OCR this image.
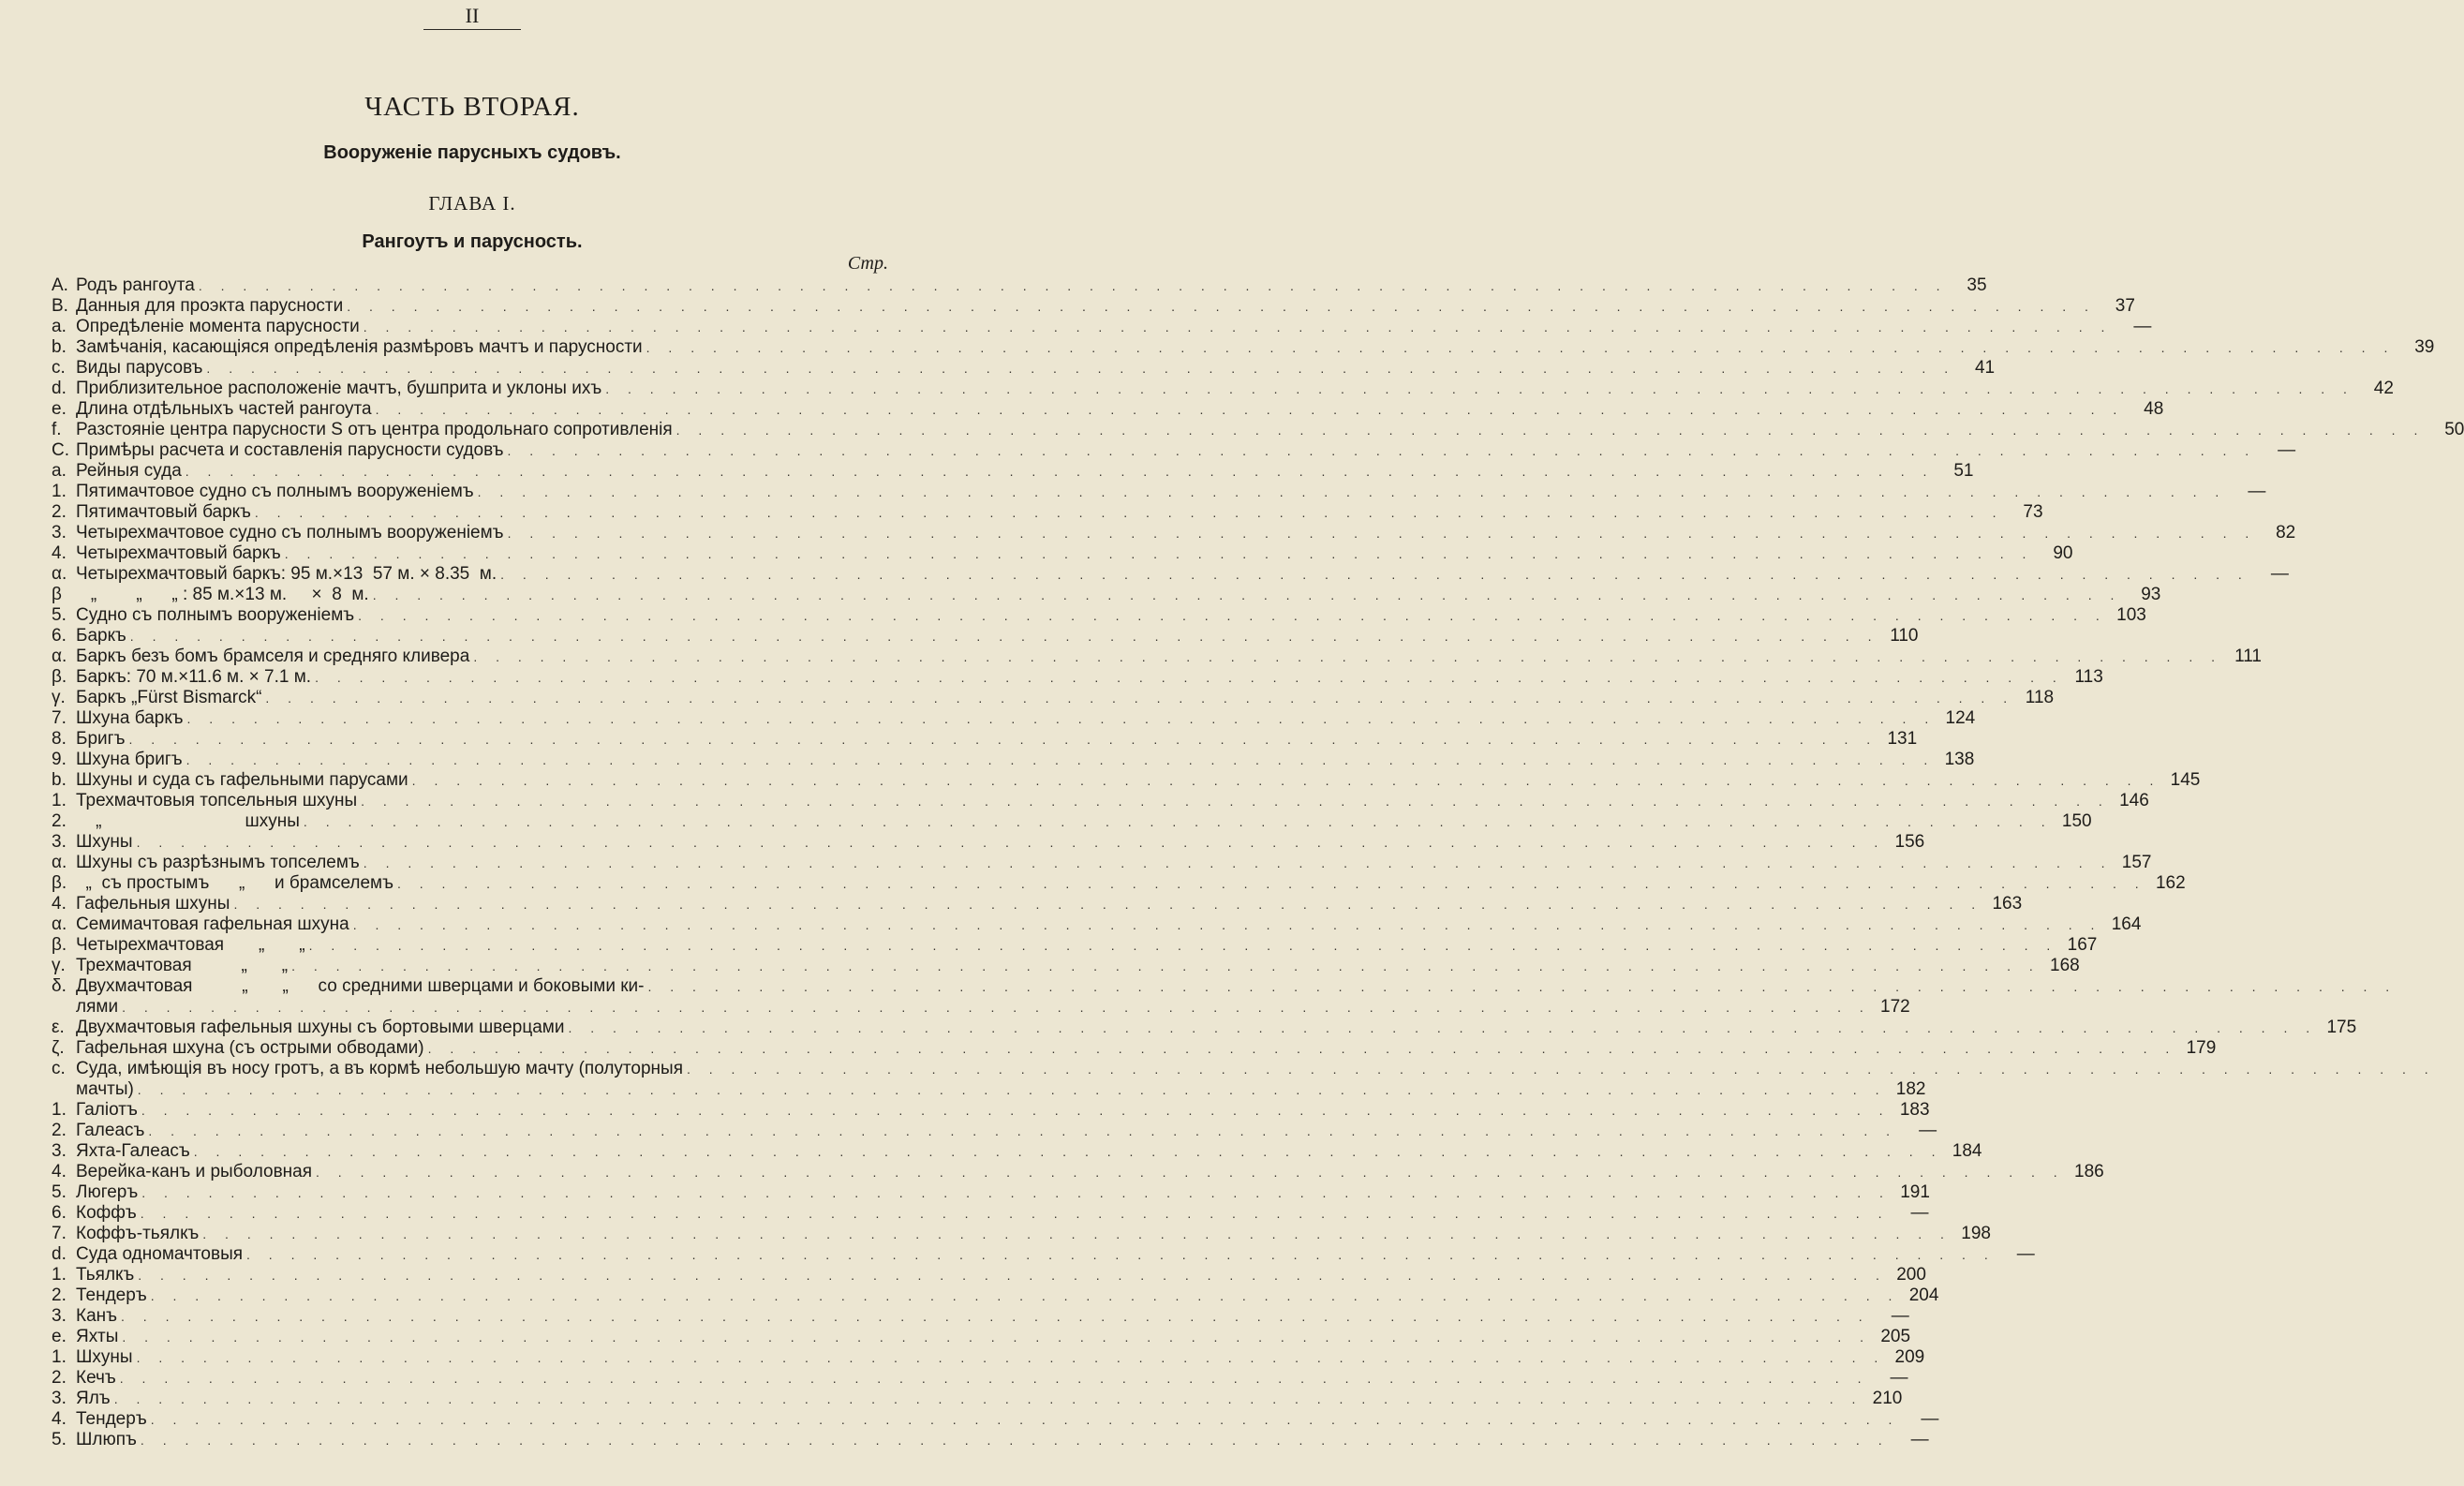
II
ЧАСТЬ ВТОРАЯ.
Вооруженіе парусныхъ судовъ.
ГЛАВА I.
Рангоутъ и парусность.
Стр.
A. Родъ рангоута . . . . . . . . . . . . . . . . . . . . . . . . . . . . . . . . . . . . . . . . . . . . . . . . . . . . . . . . . . . . . . . . . . . . . . . . . . . . . . .	35
B. Данныя для проэкта парусности . . . . . . . . . . . . . . . . . . . . . . . . . . . . . . . . . . . . . . . . . . . . . . . . . . . . . . . . . . . . . . . . . . . . . . . . . . . . . . .	37
a. Опредѣленіе момента парусности . . . . . . . . . . . . . . . . . . . . . . . . . . . . . . . . . . . . . . . . . . . . . . . . . . . . . . . . . . . . . . . . . . . . . . . . . . . . . . .	—
b. Замѣчанія, касающіяся опредѣленія размѣровъ мачтъ и парусности . . . . . . . . . . . . . . . . . . . . . . . . . . . . . . . . . . . . . . . . . . . . . . . . . . . . . . . . . . . . . . . . . . . . . . . . . . . . . . .	39
c. Виды парусовъ . . . . . . . . . . . . . . . . . . . . . . . . . . . . . . . . . . . . . . . . . . . . . . . . . . . . . . . . . . . . . . . . . . . . . . . . . . . . . . .	41
d. Приблизительное расположеніе мачтъ, бушприта и уклоны ихъ . . . . . . . . . . . . . . . . . . . . . . . . . . . . . . . . . . . . . . . . . . . . . . . . . . . . . . . . . . . . . . . . . . . . . . . . . . . . . . .	42
e. Длина отдѣльныхъ частей рангоута . . . . . . . . . . . . . . . . . . . . . . . . . . . . . . . . . . . . . . . . . . . . . . . . . . . . . . . . . . . . . . . . . . . . . . . . . . . . . . .	48
f. Разстояніе центра парусности S отъ центра продольнаго сопротивленія . . . . . . . . . . . . . . . . . . . . . . . . . . . . . . . . . . . . . . . . . . . . . . . . . . . . . . . . . . . . . . . . . . . . . . . . . . . . . . .	50
C. Примѣры расчета и составленія парусности судовъ . . . . . . . . . . . . . . . . . . . . . . . . . . . . . . . . . . . . . . . . . . . . . . . . . . . . . . . . . . . . . . . . . . . . . . . . . . . . . . .	—
a. Рейныя суда . . . . . . . . . . . . . . . . . . . . . . . . . . . . . . . . . . . . . . . . . . . . . . . . . . . . . . . . . . . . . . . . . . . . . . . . . . . . . . .	51
1. Пятимачтовое судно съ полнымъ вооруженіемъ . . . . . . . . . . . . . . . . . . . . . . . . . . . . . . . . . . . . . . . . . . . . . . . . . . . . . . . . . . . . . . . . . . . . . . . . . . . . . . .	—
2. Пятимачтовый баркъ . . . . . . . . . . . . . . . . . . . . . . . . . . . . . . . . . . . . . . . . . . . . . . . . . . . . . . . . . . . . . . . . . . . . . . . . . . . . . . .	73
3. Четырехмачтовое судно съ полнымъ вооруженіемъ . . . . . . . . . . . . . . . . . . . . . . . . . . . . . . . . . . . . . . . . . . . . . . . . . . . . . . . . . . . . . . . . . . . . . . . . . . . . . . .	82
4. Четырехмачтовый баркъ . . . . . . . . . . . . . . . . . . . . . . . . . . . . . . . . . . . . . . . . . . . . . . . . . . . . . . . . . . . . . . . . . . . . . . . . . . . . . . .	90
α. Четырехмачтовый баркъ: 95 м.×13  57 м. × 8.35  м. . . . . . . . . . . . . . . . . . . . . . . . . . . . . . . . . . . . . . . . . . . . . . . . . . . . . . . . . . . . . . . . . . . . . . . . . . . . . . . .	—
β „        „      „ : 85 м.×13 м.     ×  8  м. . . . . . . . . . . . . . . . . . . . . . . . . . . . . . . . . . . . . . . . . . . . . . . . . . . . . . . . . . . . . . . . . . . . . . . . . . . . . . . .	93
5. Судно съ полнымъ вооруженіемъ . . . . . . . . . . . . . . . . . . . . . . . . . . . . . . . . . . . . . . . . . . . . . . . . . . . . . . . . . . . . . . . . . . . . . . . . . . . . . . . 103
6. Баркъ . . . . . . . . . . . . . . . . . . . . . . . . . . . . . . . . . . . . . . . . . . . . . . . . . . . . . . . . . . . . . . . . . . . . . . . . . . . . . . . 110
α. Баркъ безъ бомъ брамселя и средняго кливера . . . . . . . . . . . . . . . . . . . . . . . . . . . . . . . . . . . . . . . . . . . . . . . . . . . . . . . . . . . . . . . . . . . . . . . . . . . . . . . 111
β. Баркъ: 70 м.×11.6 м. × 7.1 м. . . . . . . . . . . . . . . . . . . . . . . . . . . . . . . . . . . . . . . . . . . . . . . . . . . . . . . . . . . . . . . . . . . . . . . . . . . . . . . . 113
γ. Баркъ „Fürst Bismarck“ . . . . . . . . . . . . . . . . . . . . . . . . . . . . . . . . . . . . . . . . . . . . . . . . . . . . . . . . . . . . . . . . . . . . . . . . . . . . . . . 118
7. Шхуна баркъ . . . . . . . . . . . . . . . . . . . . . . . . . . . . . . . . . . . . . . . . . . . . . . . . . . . . . . . . . . . . . . . . . . . . . . . . . . . . . . . 124
8. Бригъ . . . . . . . . . . . . . . . . . . . . . . . . . . . . . . . . . . . . . . . . . . . . . . . . . . . . . . . . . . . . . . . . . . . . . . . . . . . . . . . 131
9. Шхуна бригъ . . . . . . . . . . . . . . . . . . . . . . . . . . . . . . . . . . . . . . . . . . . . . . . . . . . . . . . . . . . . . . . . . . . . . . . . . . . . . . . 138
b. Шхуны и суда съ гафельными парусами . . . . . . . . . . . . . . . . . . . . . . . . . . . . . . . . . . . . . . . . . . . . . . . . . . . . . . . . . . . . . . . . . . . . . . . . . . . . . . . 145
1. Трехмачтовыя топсельныя шхуны . . . . . . . . . . . . . . . . . . . . . . . . . . . . . . . . . . . . . . . . . . . . . . . . . . . . . . . . . . . . . . . . . . . . . . . . . . . . . . . 146
2. „                             шхуны . . . . . . . . . . . . . . . . . . . . . . . . . . . . . . . . . . . . . . . . . . . . . . . . . . . . . . . . . . . . . . . . . . . . . . . . . . . . . . . 150
3. Шхуны . . . . . . . . . . . . . . . . . . . . . . . . . . . . . . . . . . . . . . . . . . . . . . . . . . . . . . . . . . . . . . . . . . . . . . . . . . . . . . . 156
α. Шхуны съ разрѣзнымъ топселемъ . . . . . . . . . . . . . . . . . . . . . . . . . . . . . . . . . . . . . . . . . . . . . . . . . . . . . . . . . . . . . . . . . . . . . . . . . . . . . . . 157
β. „  съ простымъ      „      и брамселемъ . . . . . . . . . . . . . . . . . . . . . . . . . . . . . . . . . . . . . . . . . . . . . . . . . . . . . . . . . . . . . . . . . . . . . . . . . . . . . . . 162
4. Гафельныя шхуны . . . . . . . . . . . . . . . . . . . . . . . . . . . . . . . . . . . . . . . . . . . . . . . . . . . . . . . . . . . . . . . . . . . . . . . . . . . . . . . 163
α. Семимачтовая гафельная шхуна . . . . . . . . . . . . . . . . . . . . . . . . . . . . . . . . . . . . . . . . . . . . . . . . . . . . . . . . . . . . . . . . . . . . . . . . . . . . . . . 164
β. Четырехмачтовая       „       „ . . . . . . . . . . . . . . . . . . . . . . . . . . . . . . . . . . . . . . . . . . . . . . . . . . . . . . . . . . . . . . . . . . . . . . . . . . . . . . . 167
γ. Трехмачтовая          „       „ . . . . . . . . . . . . . . . . . . . . . . . . . . . . . . . . . . . . . . . . . . . . . . . . . . . . . . . . . . . . . . . . . . . . . . . . . . . . . . . 168
δ. Двухмачтовая          „       „      со средними шверцами и боковыми ки- . . . . . . . . . . . . . . . . . . . . . . . . . . . . . . . . . . . . . . . . . . . . . . . . . . . . . . . . . . . . . . . . . . . . . . . . . . . . . . .
лями . . . . . . . . . . . . . . . . . . . . . . . . . . . . . . . . . . . . . . . . . . . . . . . . . . . . . . . . . . . . . . . . . . . . . . . . . . . . . . . 172
ε. Двухмачтовыя гафельныя шхуны съ бортовыми шверцами . . . . . . . . . . . . . . . . . . . . . . . . . . . . . . . . . . . . . . . . . . . . . . . . . . . . . . . . . . . . . . . . . . . . . . . . . . . . . . . 175
ζ. Гафельная шхуна (съ острыми обводами) . . . . . . . . . . . . . . . . . . . . . . . . . . . . . . . . . . . . . . . . . . . . . . . . . . . . . . . . . . . . . . . . . . . . . . . . . . . . . . . 179
c. Суда, имѣющія въ носу гротъ, а въ кормѣ небольшую мачту (полуторныя . . . . . . . . . . . . . . . . . . . . . . . . . . . . . . . . . . . . . . . . . . . . . . . . . . . . . . . . . . . . . . . . . . . . . . . . . . . . . . .
мачты) . . . . . . . . . . . . . . . . . . . . . . . . . . . . . . . . . . . . . . . . . . . . . . . . . . . . . . . . . . . . . . . . . . . . . . . . . . . . . . . 182
1. Галіотъ . . . . . . . . . . . . . . . . . . . . . . . . . . . . . . . . . . . . . . . . . . . . . . . . . . . . . . . . . . . . . . . . . . . . . . . . . . . . . . . 183
2. Галеасъ . . . . . . . . . . . . . . . . . . . . . . . . . . . . . . . . . . . . . . . . . . . . . . . . . . . . . . . . . . . . . . . . . . . . . . . . . . . . . . .	—
3. Яхта-Галеасъ . . . . . . . . . . . . . . . . . . . . . . . . . . . . . . . . . . . . . . . . . . . . . . . . . . . . . . . . . . . . . . . . . . . . . . . . . . . . . . . 184
4. Верейка-канъ и рыболовная . . . . . . . . . . . . . . . . . . . . . . . . . . . . . . . . . . . . . . . . . . . . . . . . . . . . . . . . . . . . . . . . . . . . . . . . . . . . . . . 186
5. Люгеръ . . . . . . . . . . . . . . . . . . . . . . . . . . . . . . . . . . . . . . . . . . . . . . . . . . . . . . . . . . . . . . . . . . . . . . . . . . . . . . . 191
6. Коффъ . . . . . . . . . . . . . . . . . . . . . . . . . . . . . . . . . . . . . . . . . . . . . . . . . . . . . . . . . . . . . . . . . . . . . . . . . . . . . . .	—
7. Коффъ-тьялкъ . . . . . . . . . . . . . . . . . . . . . . . . . . . . . . . . . . . . . . . . . . . . . . . . . . . . . . . . . . . . . . . . . . . . . . . . . . . . . . . 198
d. Суда одномачтовыя . . . . . . . . . . . . . . . . . . . . . . . . . . . . . . . . . . . . . . . . . . . . . . . . . . . . . . . . . . . . . . . . . . . . . . . . . . . . . . .	—
1. Тьялкъ . . . . . . . . . . . . . . . . . . . . . . . . . . . . . . . . . . . . . . . . . . . . . . . . . . . . . . . . . . . . . . . . . . . . . . . . . . . . . . . 200
2. Тендеръ . . . . . . . . . . . . . . . . . . . . . . . . . . . . . . . . . . . . . . . . . . . . . . . . . . . . . . . . . . . . . . . . . . . . . . . . . . . . . . . 204
3. Канъ . . . . . . . . . . . . . . . . . . . . . . . . . . . . . . . . . . . . . . . . . . . . . . . . . . . . . . . . . . . . . . . . . . . . . . . . . . . . . . .	—
e. Яхты . . . . . . . . . . . . . . . . . . . . . . . . . . . . . . . . . . . . . . . . . . . . . . . . . . . . . . . . . . . . . . . . . . . . . . . . . . . . . . . 205
1. Шхуны . . . . . . . . . . . . . . . . . . . . . . . . . . . . . . . . . . . . . . . . . . . . . . . . . . . . . . . . . . . . . . . . . . . . . . . . . . . . . . . 209
2. Кечъ . . . . . . . . . . . . . . . . . . . . . . . . . . . . . . . . . . . . . . . . . . . . . . . . . . . . . . . . . . . . . . . . . . . . . . . . . . . . . . .	—
3. Ялъ . . . . . . . . . . . . . . . . . . . . . . . . . . . . . . . . . . . . . . . . . . . . . . . . . . . . . . . . . . . . . . . . . . . . . . . . . . . . . . . 210
4. Тендеръ . . . . . . . . . . . . . . . . . . . . . . . . . . . . . . . . . . . . . . . . . . . . . . . . . . . . . . . . . . . . . . . . . . . . . . . . . . . . . . .	—
5. Шлюпъ . . . . . . . . . . . . . . . . . . . . . . . . . . . . . . . . . . . . . . . . . . . . . . . . . . . . . . . . . . . . . . . . . . . . . . . . . . . . . . .	—
